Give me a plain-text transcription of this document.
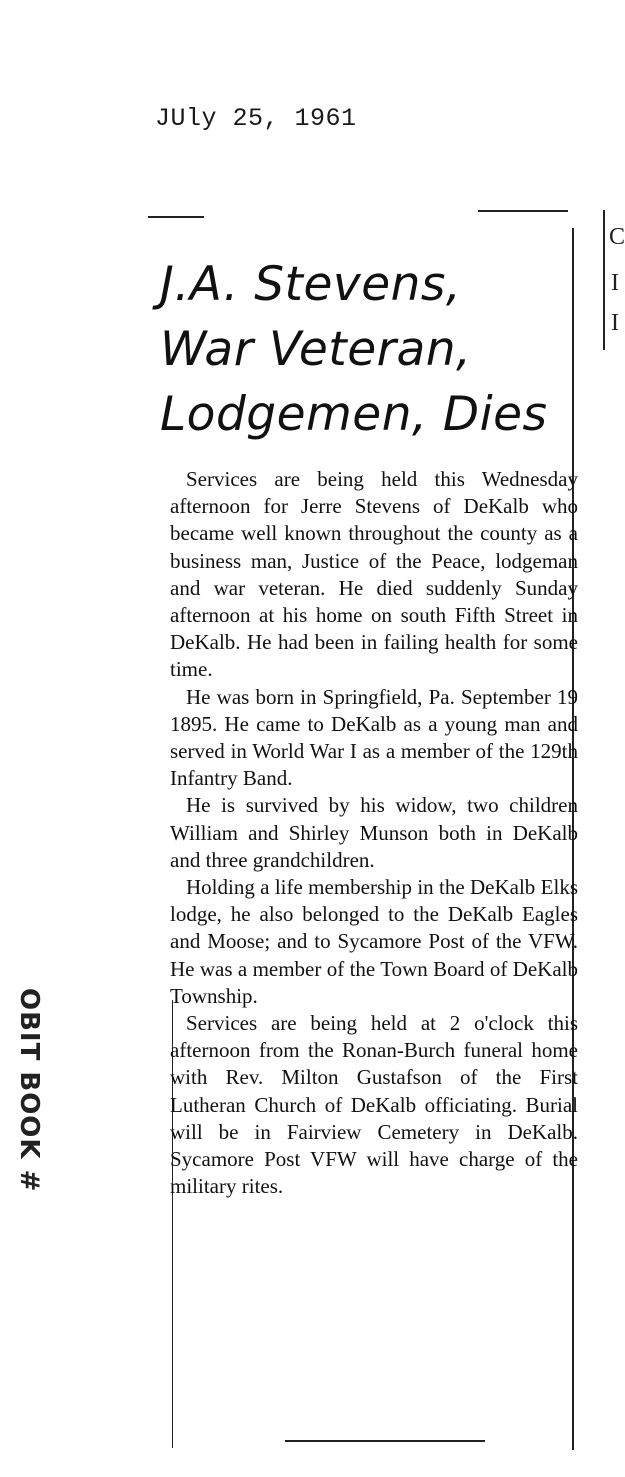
JUly 25, 1961
C
I
I
J.A. Stevens,
War Veteran,
Lodgemen, Dies

Services are being held this Wednesday afternoon for Jerre Stevens of DeKalb who became well known throughout the county as a business man, Justice of the Peace, lodgeman and war veteran. He died suddenly Sunday afternoon at his home on south Fifth Street in DeKalb. He had been in failing health for some time.

He was born in Springfield, Pa. September 19 1895. He came to DeKalb as a young man and served in World War I as a member of the 129th Infantry Band.

He is survived by his widow, two children William and Shirley Munson both in DeKalb and three grandchildren.

Holding a life membership in the DeKalb Elks lodge, he also belonged to the DeKalb Eagles and Moose; and to Sycamore Post of the VFW. He was a member of the Town Board of DeKalb Township.

Services are being held at 2 o'clock this afternoon from the Ronan-Burch funeral home with Rev. Milton Gustafson of the First Lutheran Church of DeKalb officiating. Burial will be in Fairview Cemetery in DeKalb. Sycamore Post VFW will have charge of the military rites.

OBIT BOOK #
